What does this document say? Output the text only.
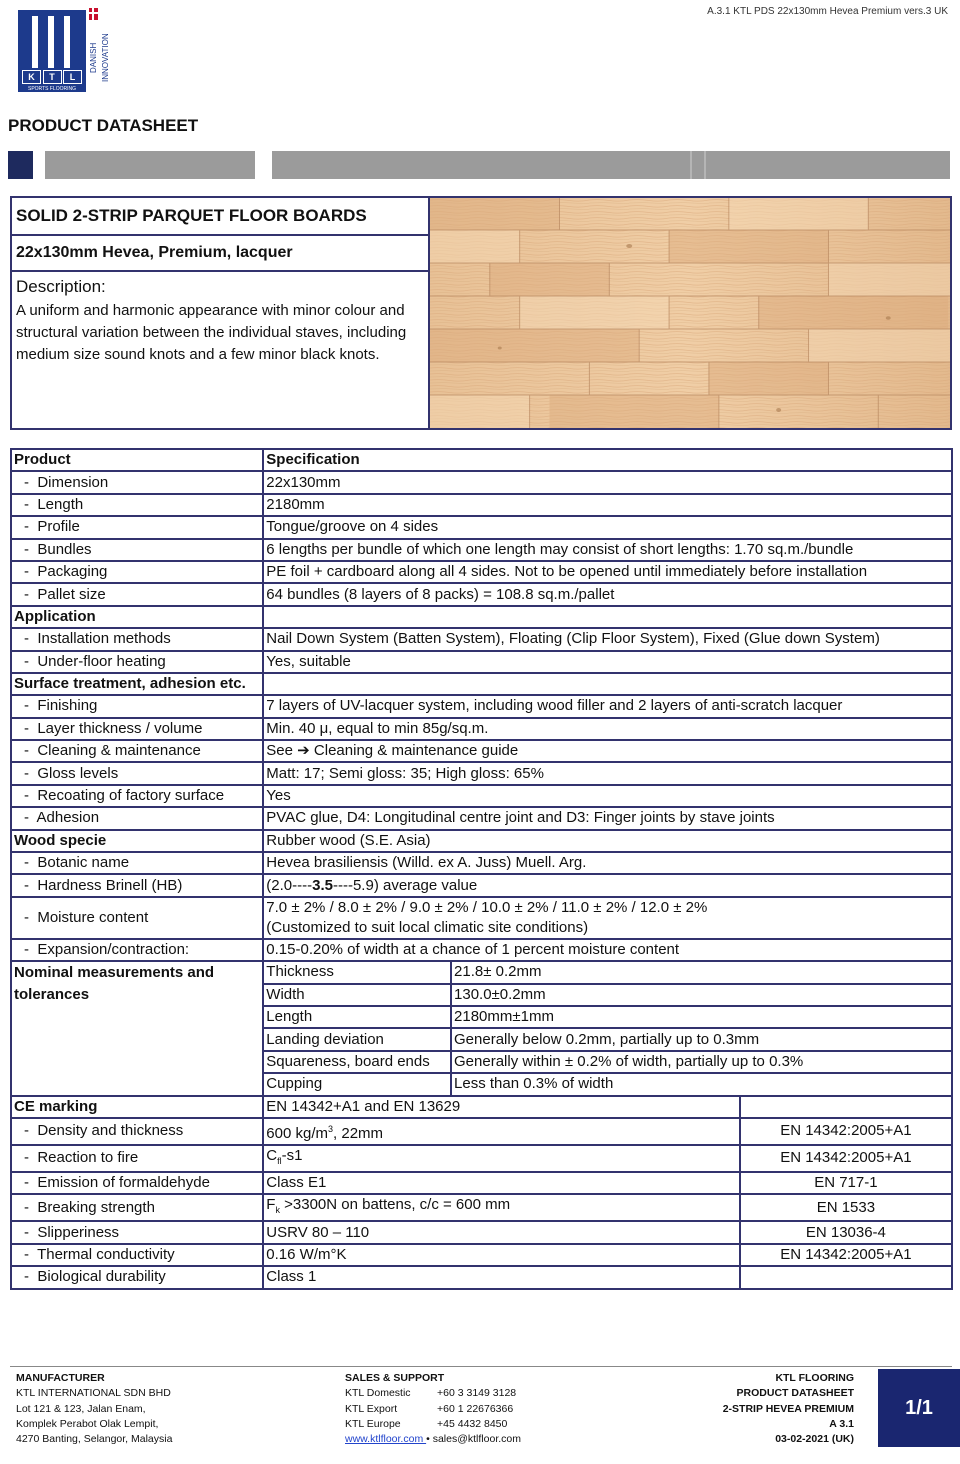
A.3.1 KTL PDS 22x130mm Hevea Premium vers.3 UK
K	T	L
SPORTS FLOORING
DANISH INNOVATION
PRODUCT DATASHEET
SOLID 2-STRIP PARQUET FLOOR BOARDS
22x130mm Hevea, Premium, lacquer
Description:
A uniform and harmonic appearance with minor colour and structural variation between the individual staves, including medium size sound knots and a few minor black knots.
Product	Specification		
-  Dimension	22x130mm		
-  Length	2180mm		
-  Profile	Tongue/groove on 4 sides		
-  Bundles	6 lengths per bundle of which one length may consist of short lengths: 1.70 sq.m./bundle		
-  Packaging	PE foil + cardboard along all 4 sides. Not to be opened until immediately before installation		
-  Pallet size	64 bundles (8 layers of 8 packs) = 108.8 sq.m./pallet		
Application			
-  Installation methods	Nail Down System (Batten System), Floating (Clip Floor System), Fixed (Glue down System)		
-  Under-floor heating	Yes, suitable		
Surface treatment, adhesion etc.			
-  Finishing	7 layers of UV-lacquer system, including wood filler and 2 layers of anti-scratch lacquer		
-  Layer thickness / volume	Min. 40 μ, equal to min 85g/sq.m.		
-  Cleaning & maintenance	See ➔ Cleaning & maintenance guide		
-  Gloss levels	Matt: 17; Semi gloss: 35; High gloss: 65%		
-  Recoating of factory surface	Yes		
-  Adhesion	PVAC glue, D4: Longitudinal centre joint and D3: Finger joints by stave joints		
Wood specie	Rubber wood (S.E. Asia)		
-  Botanic name	Hevea brasiliensis (Willd. ex A. Juss) Muell. Arg.		
-  Hardness Brinell (HB)	(2.0----3.5----5.9) average value		
-  Moisture content	7.0 ± 2% / 8.0 ± 2% / 9.0 ± 2% / 10.0 ± 2% / 11.0 ± 2% / 12.0 ± 2%
(Customized to suit local climatic site conditions)		

-  Expansion/contraction:	0.15-0.20% of width at a chance of 1 percent moisture content		
Nominal measurements and tolerances	Thickness	21.8± 0.2mm	
	Width	130.0±0.2mm	
	Length	2180mm±1mm	
	Landing deviation	Generally below 0.2mm, partially up to 0.3mm	
	Squareness, board ends	Generally within ± 0.2% of width, partially up to 0.3%	
	Cupping	Less than 0.3% of width	
CE marking	EN 14342+A1 and EN 13629		
-  Density and thickness	600 $kg/m^3$, 22mm		EN 14342:2005+A1
-  Reaction to fire	$C_{fl}-s1$		EN 14342:2005+A1
-  Emission of formaldehyde	Class E1		EN 717-1
-  Breaking strength	$F_k >3300N$ on battens, c/c = 600 mm		EN 1533
-  Slipperiness	USRV 80 – 110		EN 13036-4
-  Thermal conductivity	0.16 W/m°K		EN 14342:2005+A1
-  Biological durability	Class 1		
MANUFACTURER
KTL INTERNATIONAL SDN BHD
Lot 121 & 123, Jalan Enam,
Komplek Perabot Olak Lempit,
4270 Banting, Selangor, Malaysia
SALES & SUPPORT

KTL Domestic	+60 3 3149 3128
KTL Export	+60 1 22676366
KTL Europe	+45 4432 8450
www.ktlfloor.com • sales@ktlfloor.com
KTL FLOORING
PRODUCT DATASHEET
2-STRIP HEVEA PREMIUM
A 3.1
03-02-2021 (UK)
1/1
